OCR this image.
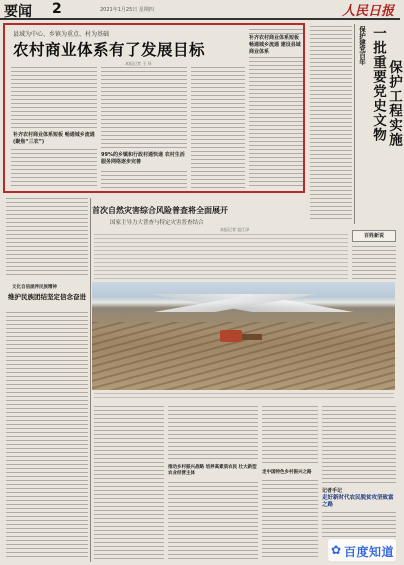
要闻 2	2021年1月25日 星期四	人民日报
县域为中心、乡镇为重点、村为基础
农村商业体系有了发展目标
本报记者 王 珂
补齐农村商业体系短板 畅通城乡流通(聚焦“三农”)
99%的乡镇和行政村通快递 农村生活服务网络逐步完善
补齐农村商业体系短板 畅通城乡流通 建设县域商业体系	保护建党百年 一批重要党史文物 保护工程实施
百姓新说
首次自然灾害综合风险普查将全面展开
国家主导力大普查与特定灾害普查结合
本报记者 寇江泽
文化自信涵养民族精神
维护民族团结坚定信念奋进
推动乡村振兴战略 培养高素质农民 壮大新型农业经营主体	走中国特色乡村振兴之路
记者手记
走好新时代农民脱贫攻坚致富之路
✿ 百度知道
